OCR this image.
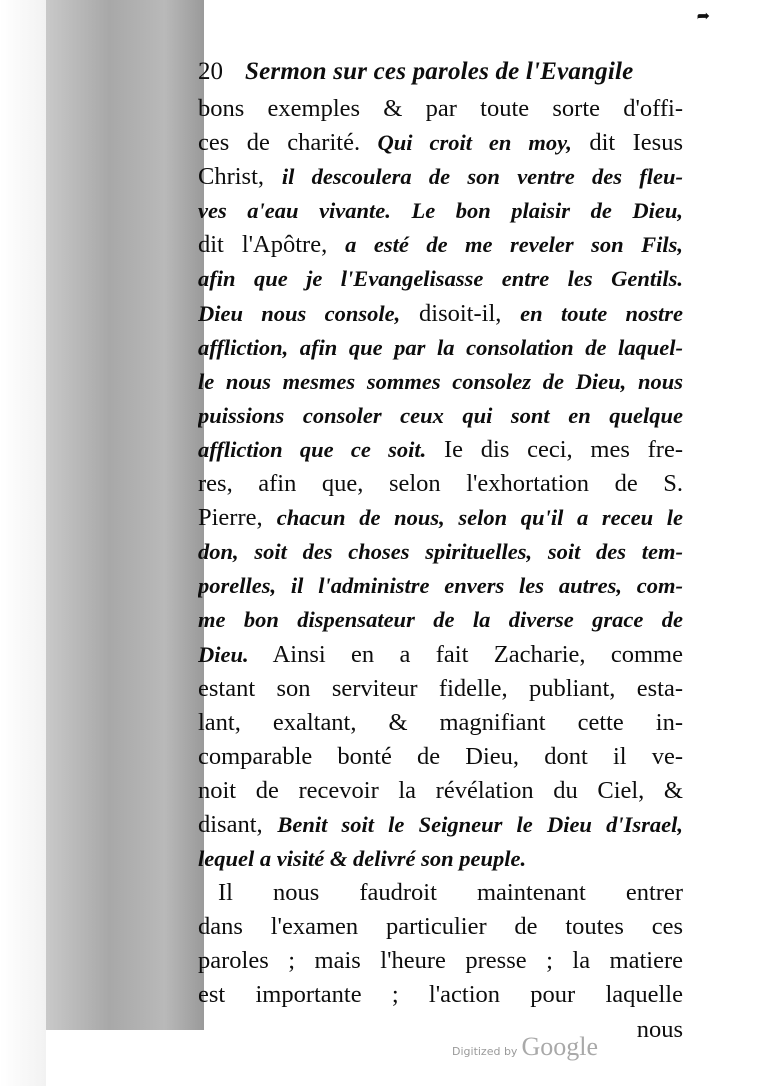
➦
20 Sermon sur ces paroles de l'Evangile
bons exemples & par toute sorte d'offi-
ces de charité. Qui croit en moy, dit Iesus
Christ, il descoulera de son ventre des fleu-
ves a'eau vivante. Le bon plaisir de Dieu,
dit l'Apôtre, a esté de me reveler son Fils,
afin que je l'Evangelisasse entre les Gentils.
Dieu nous console, disoit-il, en toute nostre
affliction, afin que par la consolation de laquel-
le nous mesmes sommes consolez de Dieu, nous
puissions consoler ceux qui sont en quelque
affliction que ce soit. Ie dis ceci, mes fre-
res, afin que, selon l'exhortation de S.
Pierre, chacun de nous, selon qu'il a receu le
don, soit des choses spirituelles, soit des tem-
porelles, il l'administre envers les autres, com-
me bon dispensateur de la diverse grace de
Dieu. Ainsi en a fait Zacharie, comme
estant son serviteur fidelle, publiant, esta-
lant, exaltant, & magnifiant cette in-
comparable bonté de Dieu, dont il ve-
noit de recevoir la révélation du Ciel, &
disant, Benit soit le Seigneur le Dieu d'Israel,
lequel a visité & delivré son peuple.
Il nous faudroit maintenant entrer
dans l'examen particulier de toutes ces
paroles ; mais l'heure presse ; la matiere
est importante ; l'action pour laquelle
nous
Digitized by Google
